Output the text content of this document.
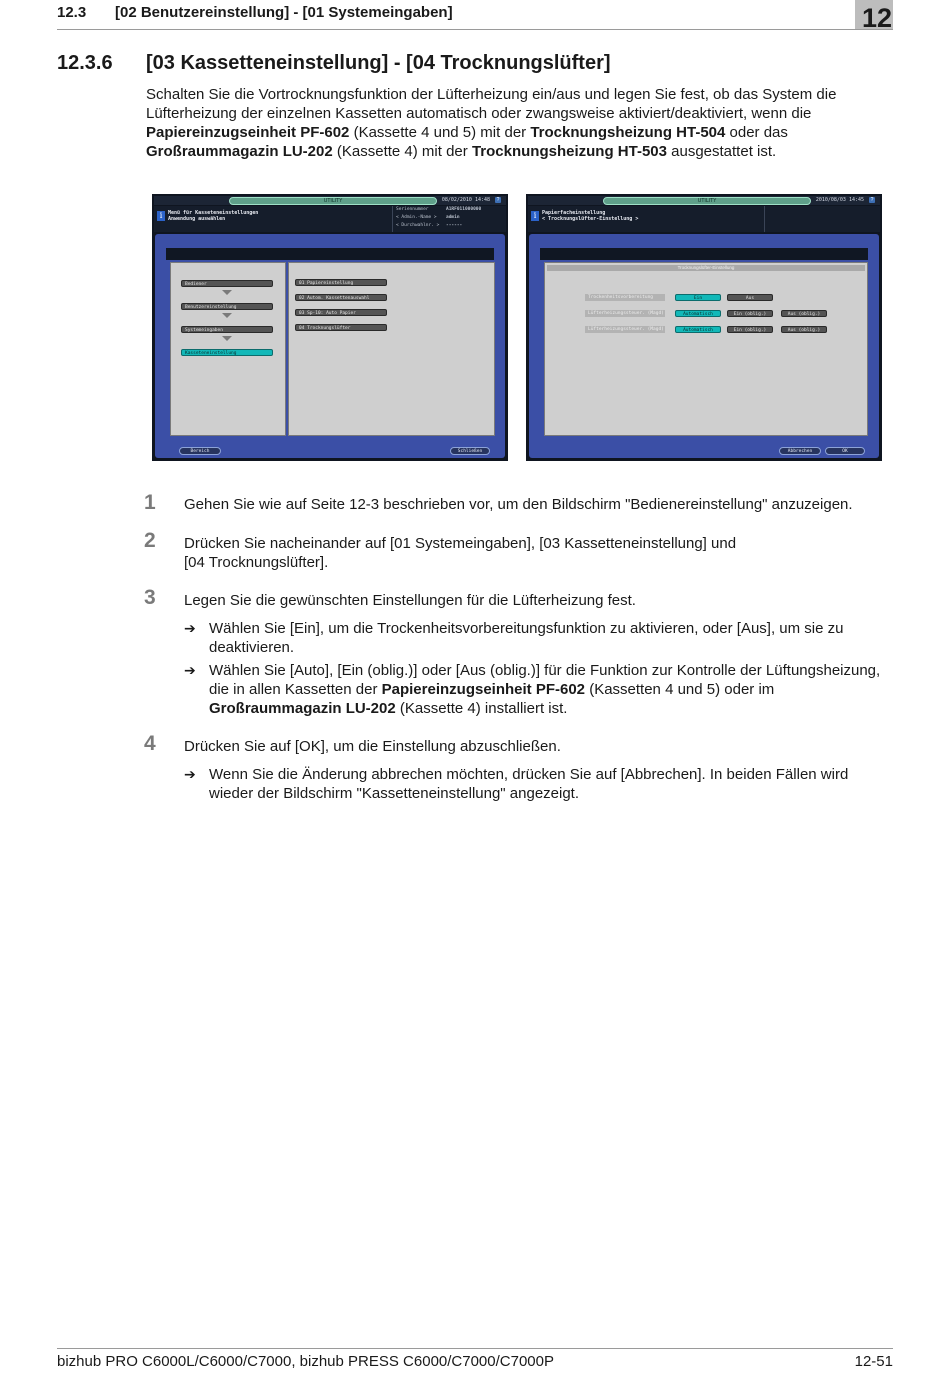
12.3 [02 Benutzereinstellung] - [01 Systemeingaben]	12
12.3.6 [03 Kassetteneinstellung] - [04 Trocknungslüfter]
Schalten Sie die Vortrocknungsfunktion der Lüfterheizung ein/aus und legen Sie fest, ob das System die Lüfterheizung der einzelnen Kassetten automatisch oder zwangsweise aktiviert/deaktiviert, wenn die Papiereinzugseinheit PF-602 (Kassette 4 und 5) mit der Trocknungsheizung HT-504 oder das Großraummagazin LU-202 (Kassette 4) mit der Trocknungsheizung HT-503 ausgestattet ist.
UTILITY	08/02/2010 14:48	?
i	Menü für Kasseteneinstellungen
Anwendung auswählen
Seriennummer	A1RF011000000
< Admin.-Name > admin
< Durchwahlnr. > ------
Bediener
Benutzereinstellung
Systemeingaben
Kasseteneinstellung
01 Papiereinstellung
02 Autom. Kassettenauswahl
03 Sp-10: Auto Papier
04 Trocknungslüfter
Bereich	Schließen
UTILITY	2010/08/03 14:45	?
i	Papierfacheinstellung
< Trocknungslüfter-Einstellung >
Trocknungslüfter-Einstellung
Trockenheitsvorbereitung	Ein	Aus
Lüfterheizungssteuer. (Magd)	Automatisch	Ein (oblig.)	Aus (oblig.)
Lüfterheizungssteuer. (Magd)	Automatisch	Ein (oblig.)	Aus (oblig.)
Abbrechen	OK
1 Gehen Sie wie auf Seite 12-3 beschrieben vor, um den Bildschirm "Bedienereinstellung" anzuzeigen.
2 Drücken Sie nacheinander auf [01 Systemeingaben], [03 Kassetteneinstellung] und
[04 Trocknungslüfter].
3 Legen Sie die gewünschten Einstellungen für die Lüfterheizung fest.
➔ Wählen Sie [Ein], um die Trockenheitsvorbereitungsfunktion zu aktivieren, oder [Aus], um sie zu deaktivieren.
➔ Wählen Sie [Auto], [Ein (oblig.)] oder [Aus (oblig.)] für die Funktion zur Kontrolle der Lüftungsheizung, die in allen Kassetten der Papiereinzugseinheit PF-602 (Kassetten 4 und 5) oder im Großraummagazin LU-202 (Kassette 4) installiert ist.
4 Drücken Sie auf [OK], um die Einstellung abzuschließen.
➔ Wenn Sie die Änderung abbrechen möchten, drücken Sie auf [Abbrechen]. In beiden Fällen wird wieder der Bildschirm "Kassetteneinstellung" angezeigt.
bizhub PRO C6000L/C6000/C7000, bizhub PRESS C6000/C7000/C7000P	12-51
